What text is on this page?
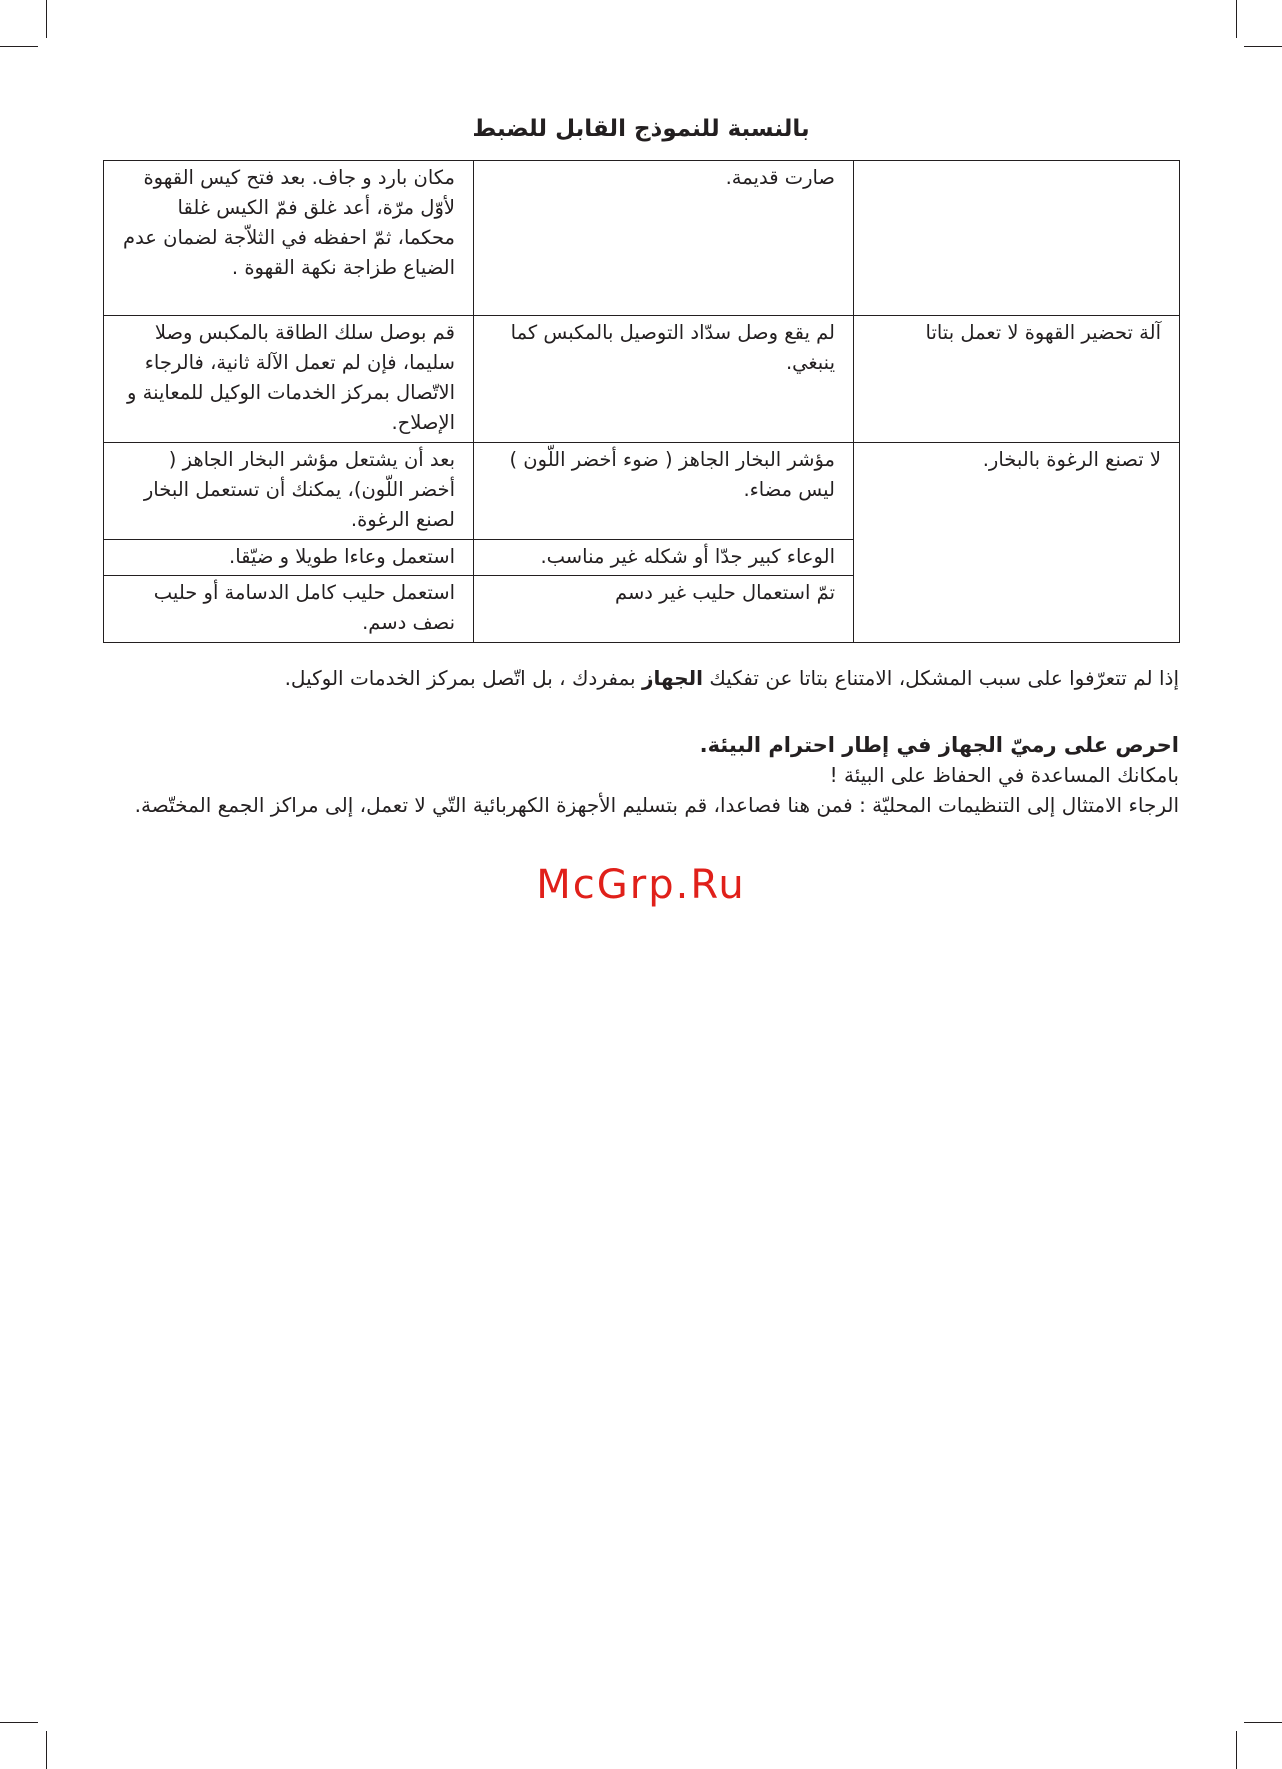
بالنسبة للنموذج القابل للضبط
	صارت قديمة.	مكان بارد و جاف. بعد فتح كيس القهوة لأوّل مرّة، أعد غلق فمّ الكيس غلقا محكما، ثمّ احفظه في الثلاّجة لضمان عدم الضياع طزاجة نكهة القهوة .
آلة تحضير القهوة لا تعمل بتاتا	لم يقع وصل سدّاد التوصيل بالمكبس كما ينبغي.	قم بوصل سلك الطاقة بالمكبس وصلا سليما، فإن لم تعمل الآلة ثانية، فالرجاء الاتّصال بمركز الخدمات الوكيل للمعاينة و الإصلاح.
لا تصنع الرغوة بالبخار.	مؤشر البخار الجاهز ( ضوء أخضر اللّون ) ليس مضاء.	بعد أن يشتعل مؤشر البخار الجاهز ( أخضر اللّون)، يمكنك أن تستعمل البخار لصنع الرغوة.
	الوعاء كبير جدّا أو شكله غير مناسب.	استعمل وعاءا طويلا و ضيّقا.
	تمّ استعمال حليب غير دسم	استعمل حليب كامل الدسامة أو حليب نصف دسم.

إذا لم تتعرّفوا على سبب المشكل، الامتناع بتاتا عن تفكيك الجهاز بمفردك ، بل اتّصل بمركز الخدمات الوكيل.

احرص على رميّ الجهاز في إطار احترام البيئة.

بامكانك المساعدة في الحفاظ على البيئة !

الرجاء الامتثال إلى التنظيمات المحليّة : فمن هنا فصاعدا، قم بتسليم الأجهزة الكهربائية التّي لا تعمل، إلى مراكز الجمع المختّصة.

McGrp.Ru
